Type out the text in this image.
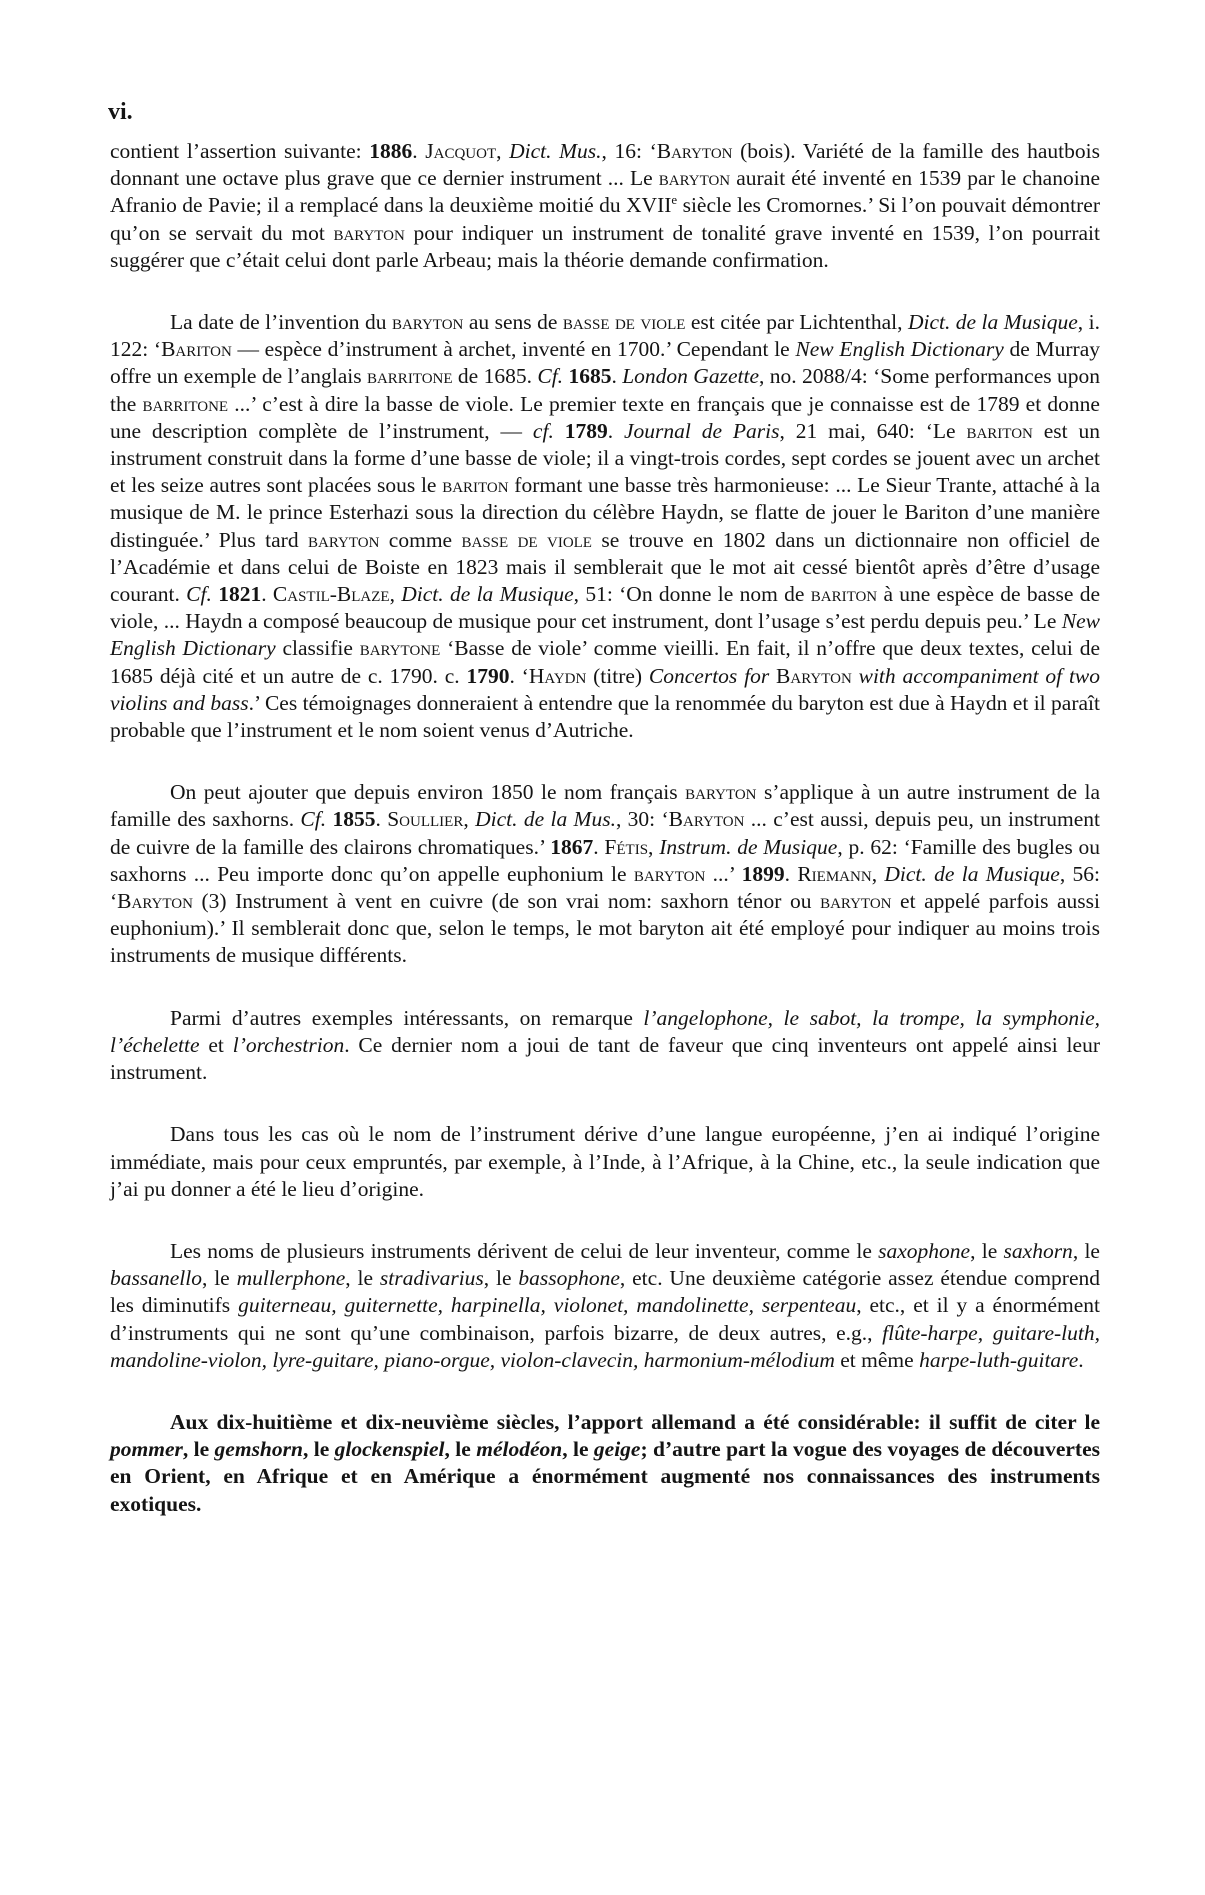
vi.

contient l’assertion suivante: 1886. Jacquot, Dict. Mus., 16: ‘Baryton (bois). Variété de la famille des hautbois donnant une octave plus grave que ce dernier instrument ... Le baryton aurait été inventé en 1539 par le chanoine Afranio de Pavie; il a remplacé dans la deuxième moitié du XVIIe siècle les Cromornes.’ Si l’on pouvait démontrer qu’on se servait du mot baryton pour indiquer un instrument de tonalité grave inventé en 1539, l’on pourrait suggérer que c’était celui dont parle Arbeau; mais la théorie demande confirmation.

La date de l’invention du baryton au sens de basse de viole est citée par Lichtenthal, Dict. de la Musique, i. 122: ‘Bariton — espèce d’instrument à archet, inventé en 1700.’ Cependant le New English Dictionary de Murray offre un exemple de l’anglais barritone de 1685. Cf. 1685. London Gazette, no. 2088/4: ‘Some performances upon the barritone ...’ c’est à dire la basse de viole. Le premier texte en français que je connaisse est de 1789 et donne une description complète de l’instrument, — cf. 1789. Journal de Paris, 21 mai, 640: ‘Le bariton est un instrument construit dans la forme d’une basse de viole; il a vingt-trois cordes, sept cordes se jouent avec un archet et les seize autres sont placées sous le bariton formant une basse très harmonieuse: ... Le Sieur Trante, attaché à la musique de M. le prince Esterhazi sous la direction du célèbre Haydn, se flatte de jouer le Bariton d’une manière distinguée.’ Plus tard baryton comme basse de viole se trouve en 1802 dans un dictionnaire non officiel de l’Académie et dans celui de Boiste en 1823 mais il semblerait que le mot ait cessé bientôt après d’être d’usage courant. Cf. 1821. Castil-Blaze, Dict. de la Musique, 51: ‘On donne le nom de bariton à une espèce de basse de viole, ... Haydn a composé beaucoup de musique pour cet instrument, dont l’usage s’est perdu depuis peu.’ Le New English Dictionary classifie barytone ‘Basse de viole’ comme vieilli. En fait, il n’offre que deux textes, celui de 1685 déjà cité et un autre de c. 1790. c. 1790. ‘Haydn (titre) Concertos for Baryton with accompaniment of two violins and bass.’ Ces témoignages donneraient à entendre que la renommée du baryton est due à Haydn et il paraît probable que l’instrument et le nom soient venus d’Autriche.

On peut ajouter que depuis environ 1850 le nom français baryton s’applique à un autre instrument de la famille des saxhorns. Cf. 1855. Soullier, Dict. de la Mus., 30: ‘Baryton ... c’est aussi, depuis peu, un instrument de cuivre de la famille des clairons chromatiques.’ 1867. Fétis, Instrum. de Musique, p. 62: ‘Famille des bugles ou saxhorns ... Peu importe donc qu’on appelle euphonium le baryton ...’ 1899. Riemann, Dict. de la Musique, 56: ‘Baryton (3) Instrument à vent en cuivre (de son vrai nom: saxhorn ténor ou baryton et appelé parfois aussi euphonium).’ Il semblerait donc que, selon le temps, le mot baryton ait été employé pour indiquer au moins trois instruments de musique différents.

Parmi d’autres exemples intéressants, on remarque l’angelophone, le sabot, la trompe, la symphonie, l’échelette et l’orchestrion. Ce dernier nom a joui de tant de faveur que cinq inventeurs ont appelé ainsi leur instrument.

Dans tous les cas où le nom de l’instrument dérive d’une langue européenne, j’en ai indiqué l’origine immédiate, mais pour ceux empruntés, par exemple, à l’Inde, à l’Afrique, à la Chine, etc., la seule indication que j’ai pu donner a été le lieu d’origine.

Les noms de plusieurs instruments dérivent de celui de leur inventeur, comme le saxophone, le saxhorn, le bassanello, le mullerphone, le stradivarius, le bassophone, etc. Une deuxième catégorie assez étendue comprend les diminutifs guiterneau, guiternette, harpinella, violonet, mandolinette, serpenteau, etc., et il y a énormément d’instruments qui ne sont qu’une combinaison, parfois bizarre, de deux autres, e.g., flûte-harpe, guitare-luth, mandoline-violon, lyre-guitare, piano-orgue, violon-clavecin, harmonium-mélodium et même harpe-luth-guitare.

Aux dix-huitième et dix-neuvième siècles, l’apport allemand a été considérable: il suffit de citer le pommer, le gemshorn, le glockenspiel, le mélodéon, le geige; d’autre part la vogue des voyages de découvertes en Orient, en Afrique et en Amérique a énormément augmenté nos connaissances des instruments exotiques.
